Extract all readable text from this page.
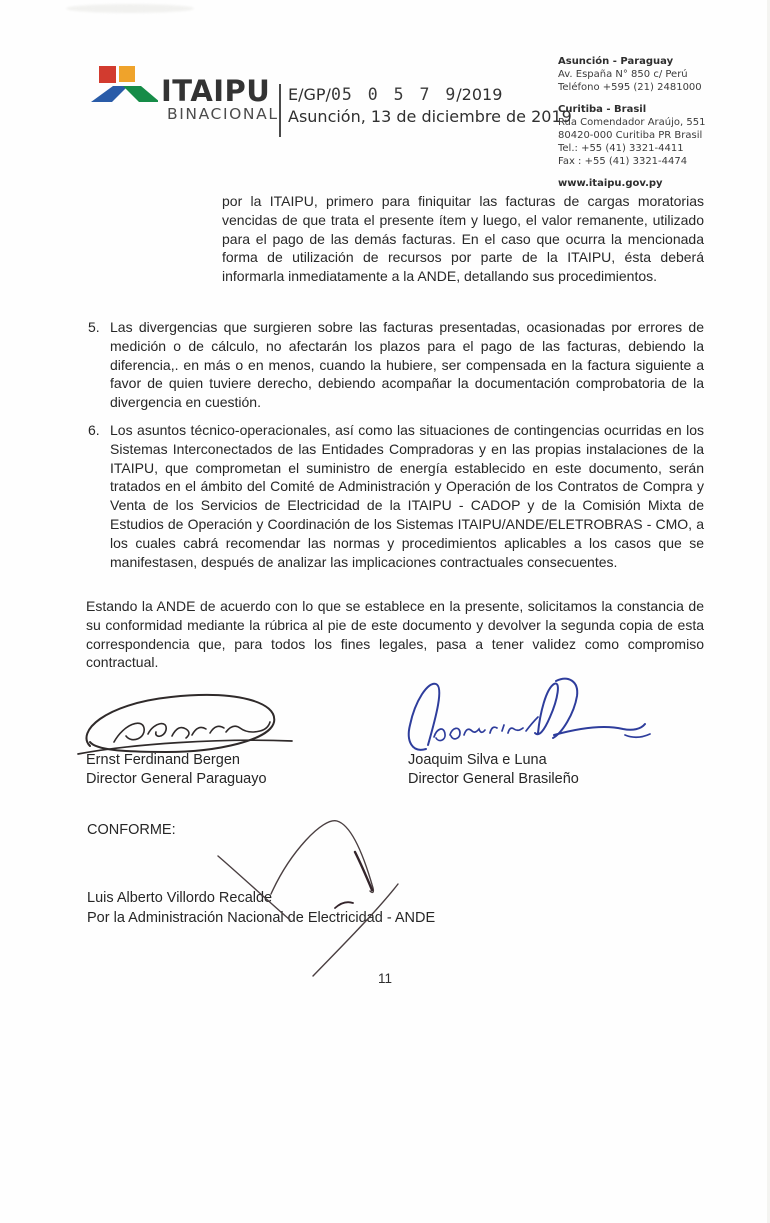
ITAIPU
BINACIONAL
E/GP/05 0 5 7 9/2019
Asunción, 13 de diciembre de 2019
Asunción - Paraguay
Av. España N° 850 c/ Perú
Teléfono +595 (21) 2481000
Curitiba - Brasil
Rua Comendador Araújo, 551
80420-000 Curitiba PR Brasil
Tel.: +55 (41) 3321-4411
Fax : +55 (41) 3321-4474
www.itaipu.gov.py
por la ITAIPU, primero para finiquitar las facturas de cargas moratorias vencidas de que trata el presente ítem y luego, el valor remanente, utilizado para el pago de las demás facturas. En el caso que ocurra la mencionada forma de utilización de recursos por parte de la ITAIPU, ésta deberá informarla inmediatamente a la ANDE, detallando sus procedimientos.
5. Las divergencias que surgieren sobre las facturas presentadas, ocasionadas por errores de medición o de cálculo, no afectarán los plazos para el pago de las facturas, debiendo la diferencia,. en más o en menos, cuando la hubiere, ser compensada en la factura siguiente a favor de quien tuviere derecho, debiendo acompañar la documentación comprobatoria de la divergencia en cuestión.
6. Los asuntos técnico-operacionales, así como las situaciones de contingencias ocurridas en los Sistemas Interconectados de las Entidades Compradoras y en las propias instalaciones de la ITAIPU, que comprometan el suministro de energía establecido en este documento, serán tratados en el ámbito del Comité de Administración y Operación de los Contratos de Compra y Venta de los Servicios de Electricidad de la ITAIPU - CADOP y de la Comisión Mixta de Estudios de Operación y Coordinación de los Sistemas ITAIPU/ANDE/ELETROBRAS - CMO, a los cuales cabrá recomendar las normas y procedimientos aplicables a los casos que se manifestasen, después de analizar las implicaciones contractuales consecuentes.
Estando la ANDE de acuerdo con lo que se establece en la presente, solicitamos la constancia de su conformidad mediante la rúbrica al pie de este documento y devolver la segunda copia de esta correspondencia que, para todos los fines legales, pasa a tener validez como compromiso contractual.
Ernst Ferdinand Bergen
Director General Paraguayo
Joaquim Silva e Luna
Director General Brasileño
CONFORME:
Luis Alberto Villordo Recalde
Por la Administración Nacional de Electricidad - ANDE
11
